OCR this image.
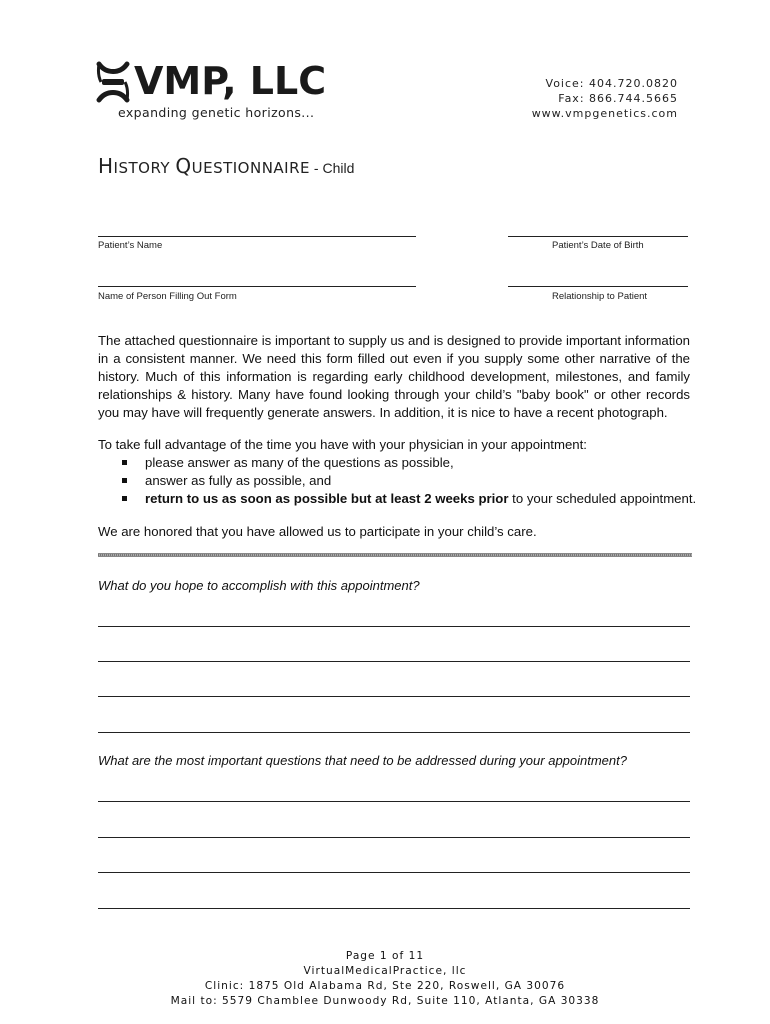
VMP, LLC
expanding genetic horizons...
Voice: 404.720.0820
Fax: 866.744.5665
www.vmpgenetics.com
HISTORY QUESTIONNAIRE - Child
Patient’s Name	Patient’s Date of Birth
Name of Person Filling Out Form	Relationship to Patient
The attached questionnaire is important to supply us and is designed to provide important information in a consistent manner. We need this form filled out even if you supply some other narrative of the history. Much of this information is regarding early childhood development, milestones, and family relationships & history. Many have found looking through your child’s "baby book" or other records you may have will frequently generate answers. In addition, it is nice to have a recent photograph.
To take full advantage of the time you have with your physician in your appointment:
please answer as many of the questions as possible,
answer as fully as possible, and
return to us as soon as possible but at least 2 weeks prior to your scheduled appointment.
We are honored that you have allowed us to participate in your child’s care.
What do you hope to accomplish with this appointment?
What are the most important questions that need to be addressed during your appointment?
Page 1 of 11
VirtualMedicalPractice, llc
Clinic: 1875 Old Alabama Rd, Ste 220, Roswell, GA 30076
Mail to: 5579 Chamblee Dunwoody Rd, Suite 110, Atlanta, GA 30338
